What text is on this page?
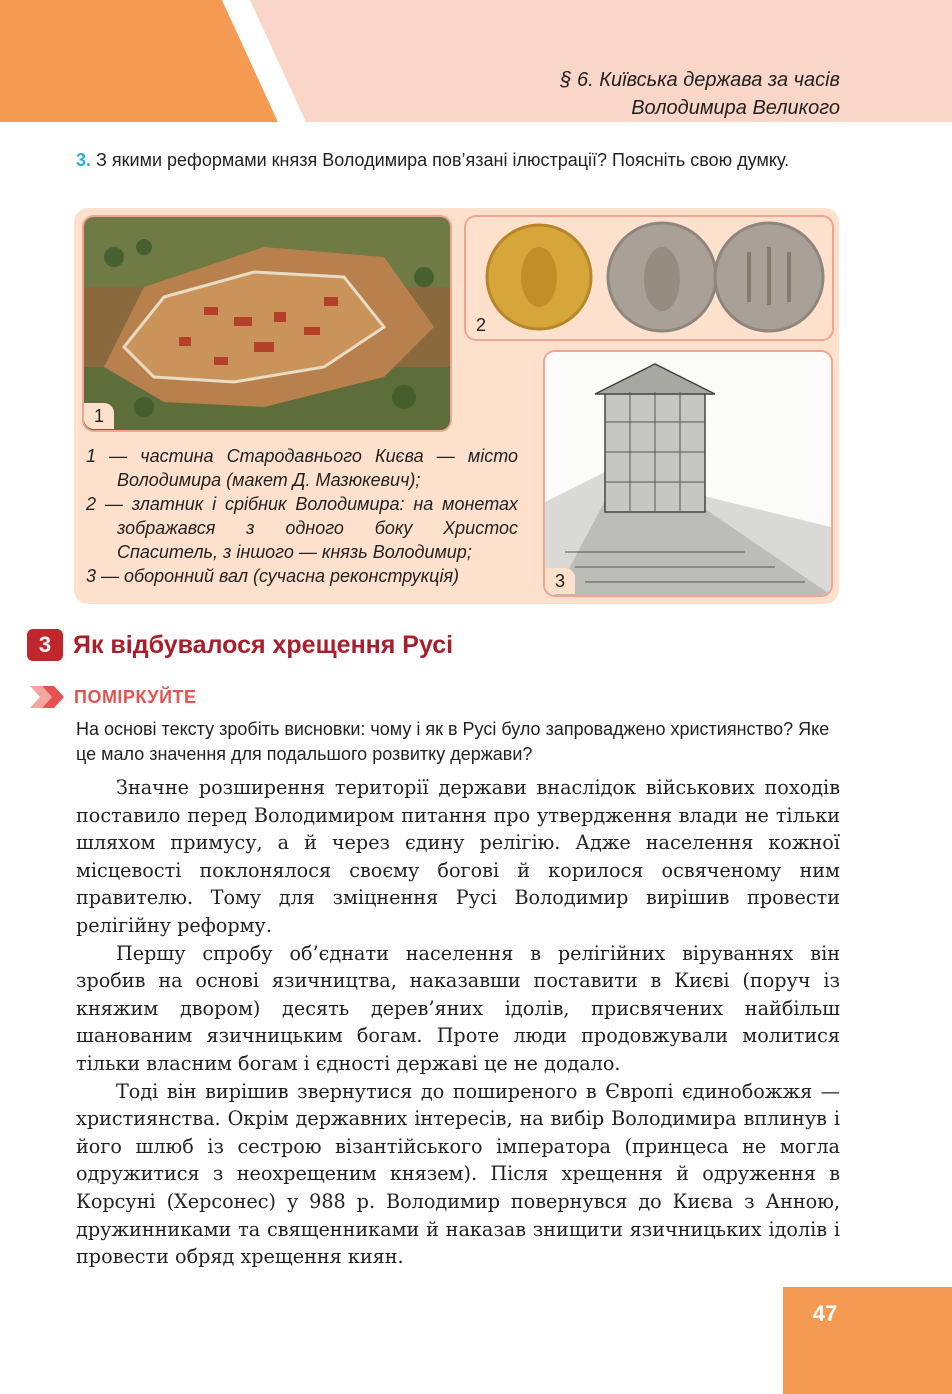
§ 6. Київська держава за часів
Володимира Великого
3. З якими реформами князя Володимира пов’язані ілюстрації? Поясніть свою думку.
1
2
3

1 — частина Стародавнього Києва — місто Володимира (макет Д. Мазюкевич);

2 — златник і срібник Володимира: на монетах зображався з одного боку Христос Спаситель, з іншого — князь Володимир;

3 — оборонний вал (сучасна реконструкція)

3 Як відбувалося хрещення Русі
ПОМІРКУЙТЕ
На основі тексту зробіть висновки: чому і як в Русі було запроваджено християнство? Яке це мало значення для подальшого розвитку держави?

Значне розширення території держави внаслідок військових походів поставило перед Володимиром питання про утвердження влади не тільки шляхом примусу, а й через єдину релігію. Адже населення кожної місцевості поклонялося своєму богові й корилося освяченому ним правителю. Тому для зміцнення Русі Володимир вирішив провести релігійну реформу.

Першу спробу об’єднати населення в релігійних віруваннях він зробив на основі язичництва, наказавши поставити в Києві (поруч із княжим двором) десять дерев’яних ідолів, присвячених найбільш шанованим язичницьким богам. Проте люди продовжували молитися тільки власним богам і єдності державі це не додало.

Тоді він вирішив звернутися до поширеного в Європі єдинобожжя — християнства. Окрім державних інтересів, на вибір Володимира вплинув і його шлюб із сестрою візантійського імператора (принцеса не могла одружитися з неохрещеним князем). Після хрещення й одруження в Корсуні (Херсонес) у 988 р. Володимир повернувся до Києва з Анною, дружинниками та священниками й наказав знищити язичницьких ідолів і провести обряд хрещення киян.

47
